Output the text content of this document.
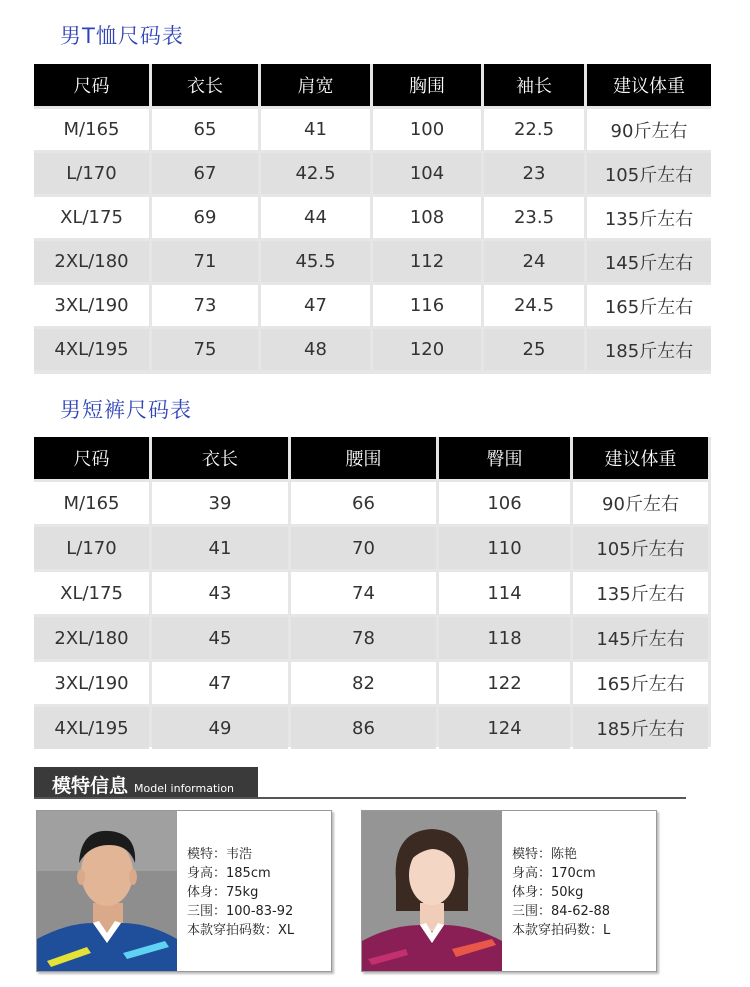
男T恤尺码表
尺码	衣长	肩宽	胸围	袖长	建议体重
M/165	65	41	100	22.5	90斤左右
L/170	67	42.5	104	23	105斤左右
XL/175	69	44	108	23.5	135斤左右
2XL/180	71	45.5	112	24	145斤左右
3XL/190	73	47	116	24.5	165斤左右
4XL/195	75	48	120	25	185斤左右
男短裤尺码表
尺码	衣长	腰围	臀围	建议体重
M/165	39	66	106	90斤左右
L/170	41	70	110	105斤左右
XL/175	43	74	114	135斤左右
2XL/180	45	78	118	145斤左右
3XL/190	47	82	122	165斤左右
4XL/195	49	86	124	185斤左右
模特信息 Model information

模特：韦浩

身高：185cm

体身：75kg

三围：100-83-92

本款穿拍码数：XL

模特：陈艳

身高：170cm

体身：50kg

三围：84-62-88

本款穿拍码数：L
